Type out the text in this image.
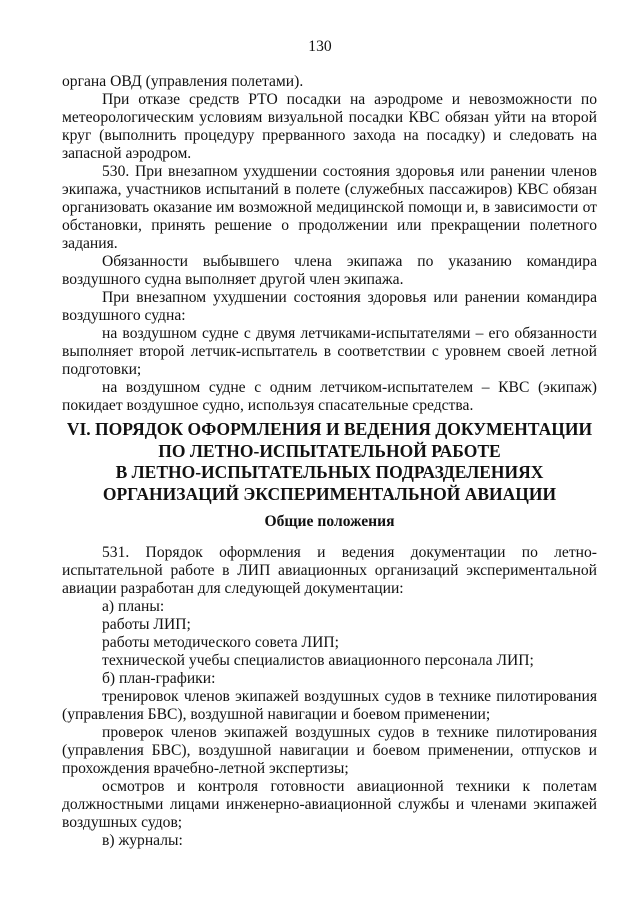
130

органа ОВД (управления полетами).

При отказе средств РТО посадки на аэродроме и невозможности по метеорологическим условиям визуальной посадки КВС обязан уйти на второй круг (выполнить процедуру прерванного захода на посадку) и следовать на запасной аэродром.

530. При внезапном ухудшении состояния здоровья или ранении членов экипажа, участников испытаний в полете (служебных пассажиров) КВС обязан организовать оказание им возможной медицинской помощи и, в зависимости от обстановки, принять решение о продолжении или прекращении полетного задания.

Обязанности выбывшего члена экипажа по указанию командира воздушного судна выполняет другой член экипажа.

При внезапном ухудшении состояния здоровья или ранении командира воздушного судна:

на воздушном судне с двумя летчиками-испытателями – его обязанности выполняет второй летчик-испытатель в соответствии с уровнем своей летной подготовки;

на воздушном судне с одним летчиком-испытателем – КВС (экипаж) покидает воздушное судно, используя спасательные средства.

VI. ПОРЯДОК ОФОРМЛЕНИЯ И ВЕДЕНИЯ ДОКУМЕНТАЦИИ
ПО ЛЕТНО-ИСПЫТАТЕЛЬНОЙ РАБОТЕ
В ЛЕТНО-ИСПЫТАТЕЛЬНЫХ ПОДРАЗДЕЛЕНИЯХ
ОРГАНИЗАЦИЙ ЭКСПЕРИМЕНТАЛЬНОЙ АВИАЦИИ
Общие положения

531. Порядок оформления и ведения документации по летно-испытательной работе в ЛИП авиационных организаций экспериментальной авиации разработан для следующей документации:

а) планы:

работы ЛИП;

работы методического совета ЛИП;

технической учебы специалистов авиационного персонала ЛИП;

б) план-графики:

тренировок членов экипажей воздушных судов в технике пилотирования (управления БВС), воздушной навигации и боевом применении;

проверок членов экипажей воздушных судов в технике пилотирования (управления БВС), воздушной навигации и боевом применении, отпусков и прохождения врачебно-летной экспертизы;

осмотров и контроля готовности авиационной техники к полетам должностными лицами инженерно-авиационной службы и членами экипажей воздушных судов;

в) журналы:
